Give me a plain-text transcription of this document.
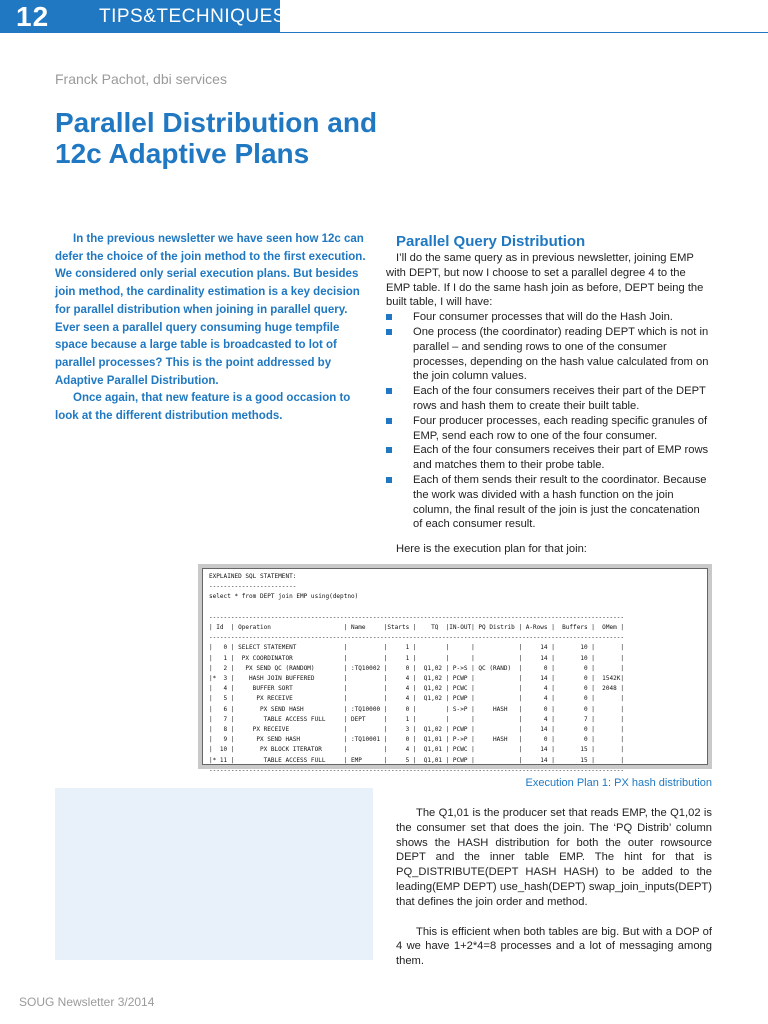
12	TIPS&TECHNIQUES
Franck Pachot, dbi services
Parallel Distribution and
12c Adaptive Plans

In the previous newsletter we have seen how 12c can defer the choice of the join method to the first execution. We considered only serial execution plans. But besides join method, the cardinality estimation is a key decision for parallel distribution when joining in parallel query. Ever seen a parallel query consuming huge tempfile space because a large table is broadcasted to lot of parallel processes? This is the point addressed by Adaptive Parallel Distribution.

Once again, that new feature is a good occasion to look at the different distribution methods.

Parallel Query Distribution

I’ll do the same query as in previous newsletter, joining EMP with DEPT, but now I choose to set a parallel degree 4 to the EMP table. If I do the same hash join as before, DEPT being the built table, I will have:

Four consumer processes that will do the Hash Join.
One process (the coordinator) reading DEPT which is not in parallel – and sending rows to one of the consumer processes, depending on the hash value calculated from on the join column values.
Each of the four consumers receives their part of the DEPT rows and hash them to create their built table.
Four producer processes, each reading specific granules of EMP, send each row to one of the four consumer.
Each of the four consumers receives their part of EMP rows and matches them to their probe table.
Each of them sends their result to the coordinator. Because the work was divided with a hash function on the join column, the final result of the join is just the concatenation of each consumer result.
Here is the execution plan for that join:
EXPLAINED SQL STATEMENT:
------------------------
select * from DEPT join EMP using(deptno)

------------------------------------------------------------------------------------------------------------------
| Id  | Operation                    | Name     |Starts |    TQ  |IN-OUT| PQ Distrib | A-Rows |  Buffers |  OMem |
------------------------------------------------------------------------------------------------------------------
|   0 | SELECT STATEMENT             |          |     1 |        |      |            |     14 |       10 |       |
|   1 |  PX COORDINATOR              |          |     1 |        |      |            |     14 |       10 |       |
|   2 |   PX SEND QC (RANDOM)        | :TQ10002 |     0 |  Q1,02 | P->S | QC (RAND)  |      0 |        0 |       |
|*  3 |    HASH JOIN BUFFERED        |          |     4 |  Q1,02 | PCWP |            |     14 |        0 |  1542K|
|   4 |     BUFFER SORT              |          |     4 |  Q1,02 | PCWC |            |      4 |        0 |  2048 |
|   5 |      PX RECEIVE              |          |     4 |  Q1,02 | PCWP |            |      4 |        0 |       |
|   6 |       PX SEND HASH           | :TQ10000 |     0 |        | S->P |     HASH   |      0 |        0 |       |
|   7 |        TABLE ACCESS FULL     | DEPT     |     1 |        |      |            |      4 |        7 |       |
|   8 |     PX RECEIVE               |          |     3 |  Q1,02 | PCWP |            |     14 |        0 |       |
|   9 |      PX SEND HASH            | :TQ10001 |     0 |  Q1,01 | P->P |     HASH   |      0 |        0 |       |
|  10 |       PX BLOCK ITERATOR      |          |     4 |  Q1,01 | PCWC |            |     14 |       15 |       |
|* 11 |        TABLE ACCESS FULL     | EMP      |     5 |  Q1,01 | PCWP |            |     14 |       15 |       |
------------------------------------------------------------------------------------------------------------------
Execution Plan 1: PX hash distribution

The Q1,01 is the producer set that reads EMP, the Q1,02 is the consumer set that does the join. The ‘PQ Distrib’ column shows the HASH distribution for both the outer rowsource DEPT and the inner table EMP. The hint for that is PQ_DISTRIBUTE(DEPT HASH HASH) to be added to the leading(EMP DEPT) use_hash(DEPT) swap_join_inputs(DEPT) that defines the join order and method.

This is efficient when both tables are big. But with a DOP of 4 we have 1+2*4=8 processes and a lot of messaging among them.

SOUG Newsletter 3/2014
